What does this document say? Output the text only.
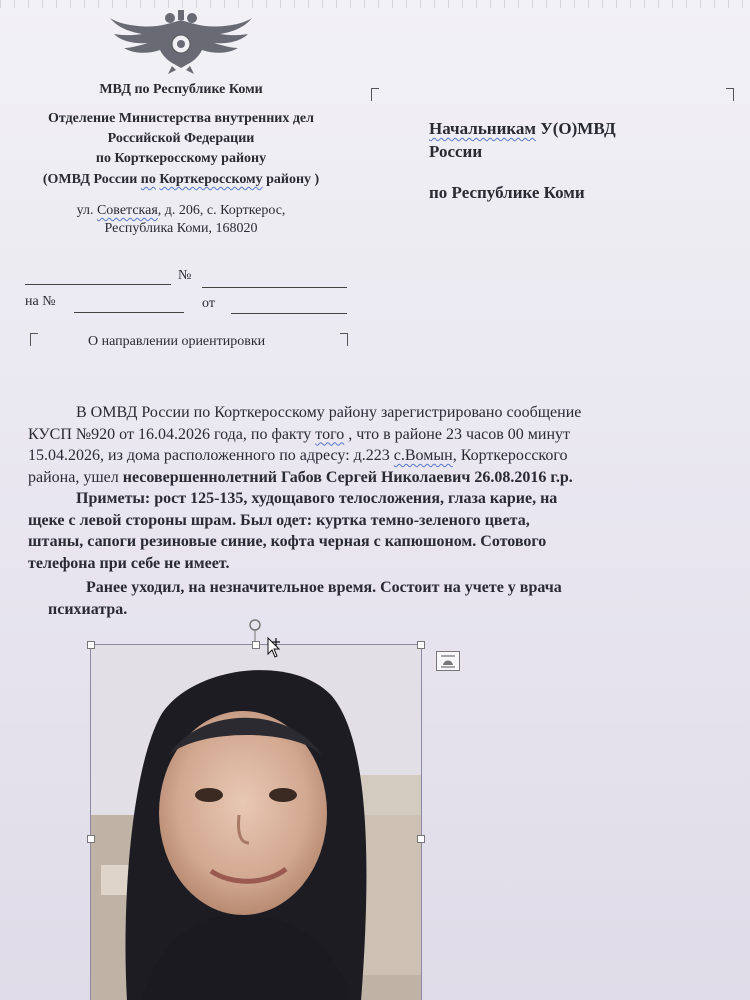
МВД по Республике Коми
Отделение Министерства внутренних дел
Российской Федерации
по Корткеросскому району
(ОМВД России по Корткеросскому району )
ул. Советская, д. 206, с. Корткерос,
Республика Коми, 168020
№
на №	от
О направлении ориентировки
Начальникам У(О)МВД
России
по Республике Коми
В ОМВД России по Корткеросскому району зарегистрировано сообщение
КУСП №920 от 16.04.2026 года, по факту того , что в районе 23 часов 00 минут
15.04.2026, из дома расположенного по адресу: д.223 с.Вомын, Корткеросского
района, ушел несовершеннолетний Габов Сергей Николаевич 26.08.2016 г.р.
Приметы: рост 125-135, худощавого телосложения, глаза карие, на
щеке с левой стороны шрам. Был одет: куртка темно-зеленого цвета,
штаны, сапоги резиновые синие, кофта черная с капюшоном. Сотового
телефона при себе не имеет.
Ранее уходил, на незначительное время. Состоит на учете у врача
психиатра.
